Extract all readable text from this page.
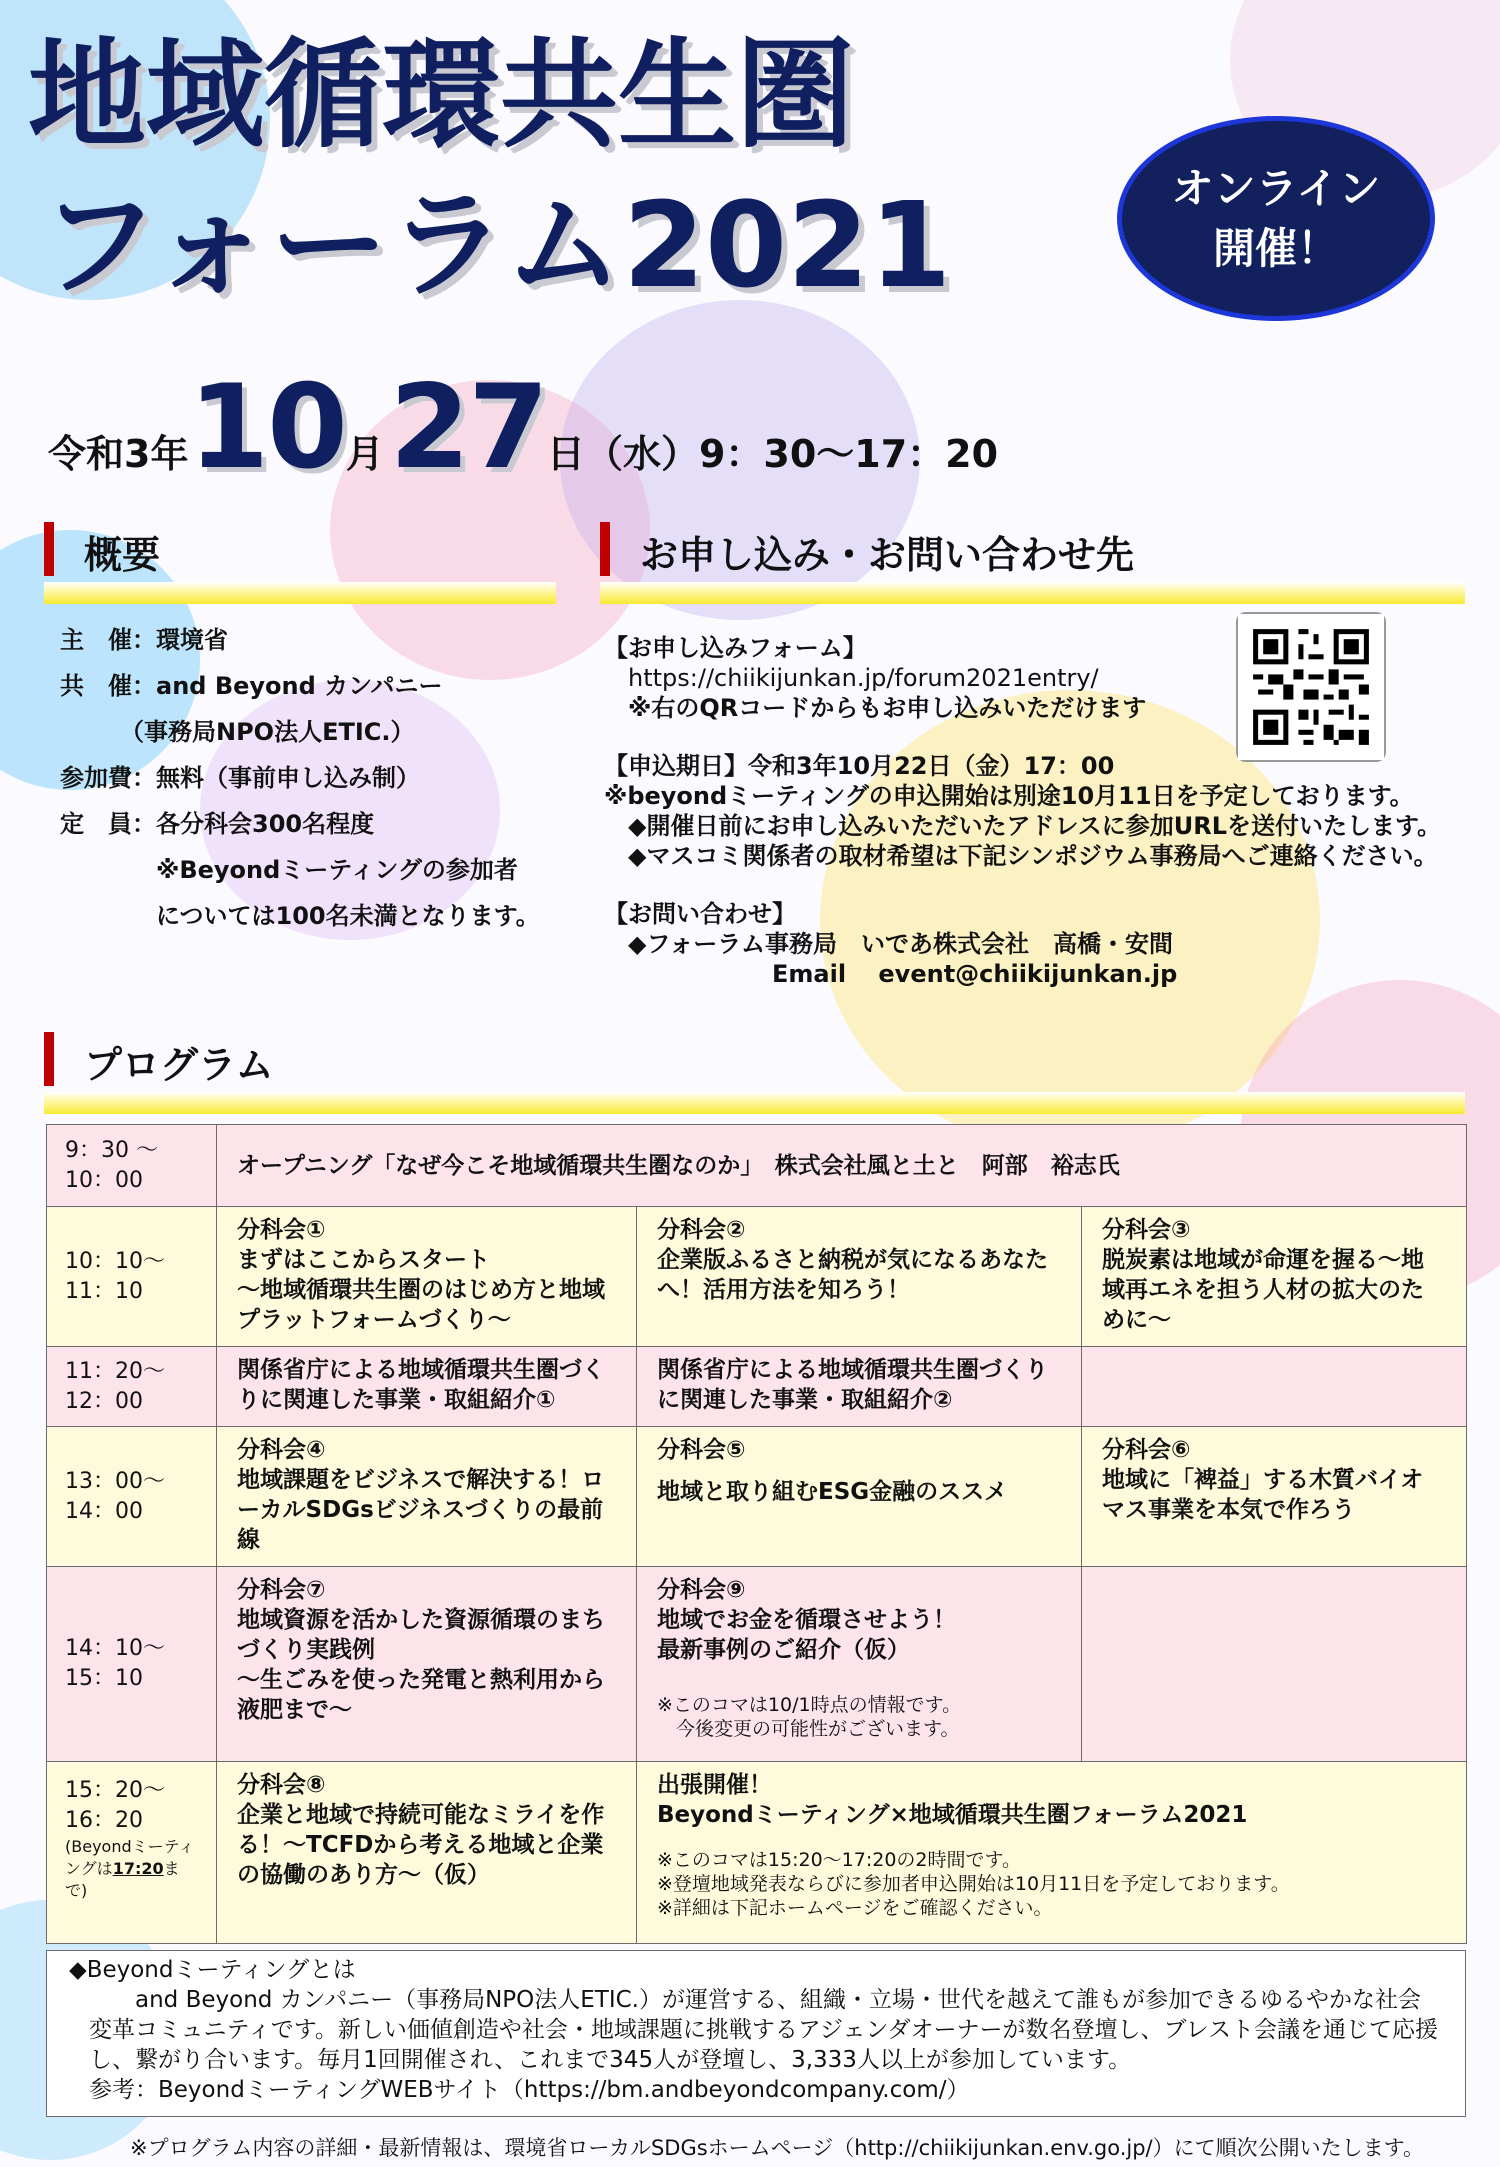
地域循環共生圏
フォーラム2021	オンライン
開催！
令和3年10月 27日（水）9：30〜17：20
概要
主　催：環境省
共　催：and Beyond カンパニー
　　　（事務局NPO法人ETIC.）
参加費：無料（事前申し込み制）
定　員：各分科会300名程度
　　　　※Beyondミーティングの参加者
　　　　については100名未満となります。
お申し込み・お問い合わせ先
【お申し込みフォーム】
　https://chiikijunkan.jp/forum2021entry/
　※右のQRコードからもお申し込みいただけます
【申込期日】令和3年10月22日（金）17：00
※beyondミーティングの申込開始は別途10月11日を予定しております。
　◆開催日前にお申し込みいただいたアドレスに参加URLを送付いたします。
　◆マスコミ関係者の取材希望は下記シンポジウム事務局へご連絡ください。
【お問い合わせ】
　◆フォーラム事務局　いであ株式会社　高橋・安間
　　　　　　　Email　 event@chiikijunkan.jp
プログラム
9：30 〜
10：00	オープニング「なぜ今こそ地域循環共生圏なのか」　株式会社風と土と　阿部　裕志氏		
10：10〜
11：10	分科会①
まずはここからスタート
〜地域循環共生圏のはじめ方と地域プラットフォームづくり〜	分科会②
企業版ふるさと納税が気になるあなたへ！活用方法を知ろう！	分科会③
脱炭素は地域が命運を握る〜地域再エネを担う人材の拡大のために〜
11：20〜
12：00	関係省庁による地域循環共生圏づくりに関連した事業・取組紹介①	関係省庁による地域循環共生圏づくりに関連した事業・取組紹介②	
13：00〜
14：00	分科会④
地域課題をビジネスで解決する！ローカルSDGsビジネスづくりの最前線	分科会⑤
地域と取り組むESG金融のススメ	分科会⑥
地域に「裨益」する木質バイオマス事業を本気で作ろう
14：10〜
15：10	分科会⑦
地域資源を活かした資源循環のまちづくり実践例
〜生ごみを使った発電と熱利用から液肥まで〜	分科会⑨
地域でお金を循環させよう！
最新事例のご紹介（仮）
※このコマは10/1時点の情報です。
　今後変更の可能性がございます。	

15：20〜
16：20
(Beyondミーティングは17:20まで)	分科会⑧
企業と地域で持続可能なミライを作る！〜TCFDから考える地域と企業の協働のあり方〜（仮）	出張開催！
Beyondミーティング×地域循環共生圏フォーラム2021
※このコマは15:20〜17:20の2時間です。
※登壇地域発表ならびに参加者申込開始は10月11日を予定しております。
※詳細は下記ホームページをご確認ください。	
◆Beyondミーティングとは
　　and Beyond カンパニー（事務局NPO法人ETIC.）が運営する、組織・立場・世代を越えて誰もが参加できるゆるやかな社会変革コミュニティです。新しい価値創造や社会・地域課題に挑戦するアジェンダオーナーが数名登壇し、ブレスト会議を通じて応援し、繋がり合います。毎月1回開催され、これまで345人が登壇し、3,333人以上が参加しています。
参考：BeyondミーティングWEBサイト（https://bm.andbeyondcompany.com/）
※プログラム内容の詳細・最新情報は、環境省ローカルSDGsホームページ（http://chiikijunkan.env.go.jp/）にて順次公開いたします。
